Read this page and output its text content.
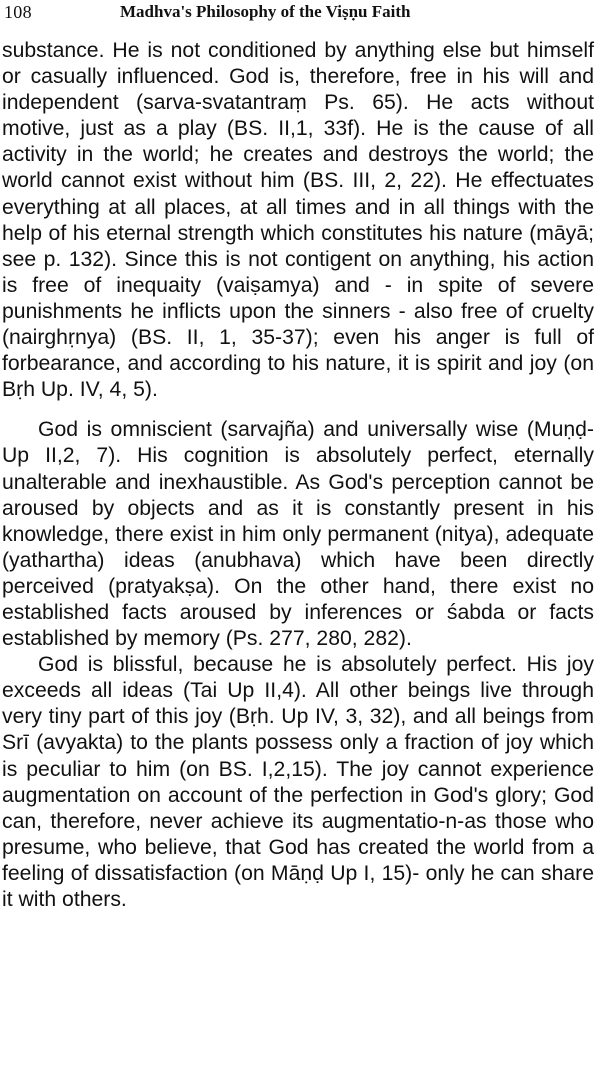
108	Madhva's Philosophy of the Viṣṇu Faith

substance. He is not conditioned by anything else but himself or casually influenced. God is, therefore, free in his will and independent (sarva-svatantraṃ Ps. 65). He acts without motive, just as a play (BS. II,1, 33f). He is the cause of all activity in the world; he creates and destroys the world; the world cannot exist without him (BS. III, 2, 22). He effectuates everything at all places, at all times and in all things with the help of his eternal strength which constitutes his nature (māyā; see p. 132). Since this is not contigent on anything, his action is free of inequaity (vaiṣamya) and - in spite of severe punishments he inflicts upon the sinners - also free of cruelty (nairghṛnya) (BS. II, 1, 35-37); even his anger is full of forbearance, and according to his nature, it is spirit and joy (on Bṛh Up. IV, 4, 5).

God is omniscient (sarvajña) and universally wise (Muṇḍ-Up II,2, 7). His cognition is absolutely perfect, eternally unalterable and inexhaustible. As God's perception cannot be aroused by objects and as it is constantly present in his knowledge, there exist in him only permanent (nitya), adequate (yathartha) ideas (anubhava) which have been directly perceived (pratyakṣa). On the other hand, there exist no established facts aroused by inferences or śabda or facts established by memory (Ps. 277, 280, 282).

God is blissful, because he is absolutely perfect. His joy exceeds all ideas (Tai Up II,4). All other beings live through very tiny part of this joy (Bṛh. Up IV, 3, 32), and all beings from Srī (avyakta) to the plants possess only a fraction of joy which is peculiar to him (on BS. I,2,15). The joy cannot experience augmentation on account of the perfection in God's glory; God can, therefore, never achieve its augmentatio-n-as those who presume, who believe, that God has created the world from a feeling of dissatisfaction (on Māṇḍ Up I, 15)- only he can share it with others.
